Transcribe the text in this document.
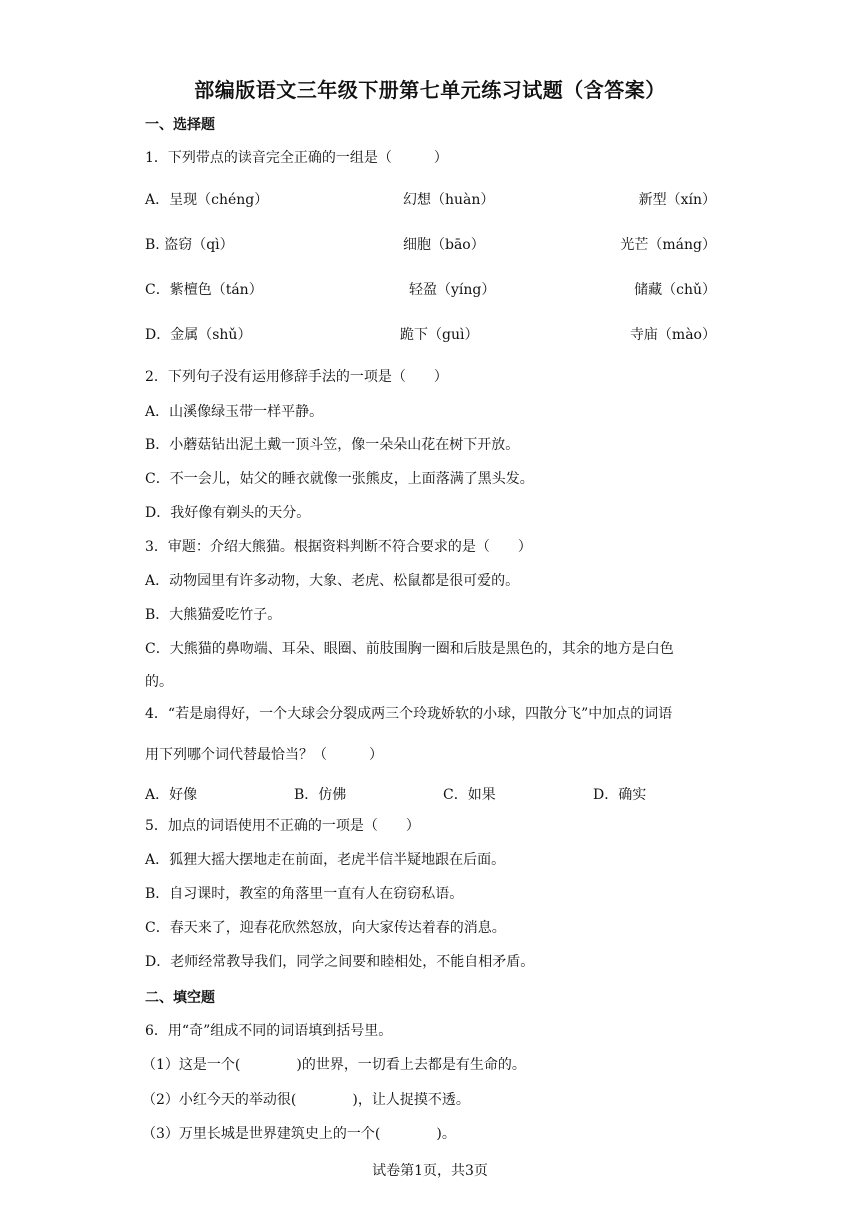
部编版语文三年级下册第七单元练习试题（含答案）
一、选择题
1．下列带点的读音完全正确的一组是（　　　）
A．呈现（chéng）	幻想（huàn）	新型（xín）
B. 盗窃（qì）	细胞（bāo）	光芒（máng）
C．紫檀色（tán）	轻盈（yíng）	储藏（chǔ）
D．金属（shǔ）	跪下（guì）	寺庙（mào）
2．下列句子没有运用修辞手法的一项是（　　）
A．山溪像绿玉带一样平静。
B．小蘑菇钻出泥土戴一顶斗笠，像一朵朵山花在树下开放。
C．不一会儿，姑父的睡衣就像一张熊皮，上面落满了黑头发。
D．我好像有剃头的天分。
3．审题：介绍大熊猫。根据资料判断不符合要求的是（　　）
A．动物园里有许多动物，大象、老虎、松鼠都是很可爱的。
B．大熊猫爱吃竹子。
C．大熊猫的鼻吻端、耳朵、眼圈、前肢围胸一圈和后肢是黑色的，其余的地方是白色
的。
4．“若是扇得好，一个大球会分裂成两三个玲珑娇软的小球，四散分飞”中加点的词语
用下列哪个词代替最恰当？（　　　）
A．好像	B．仿佛	C．如果	D．确实
5．加点的词语使用不正确的一项是（　　）
A．狐狸大摇大摆地走在前面，老虎半信半疑地跟在后面。
B．自习课时，教室的角落里一直有人在窃窃私语。
C．春天来了，迎春花欣然怒放，向大家传达着春的消息。
D．老师经常教导我们，同学之间要和睦相处，不能自相矛盾。
二、填空题
6．用“奇”组成不同的词语填到括号里。
（1）这是一个(　　　　)的世界，一切看上去都是有生命的。
（2）小红今天的举动很(　　　　)，让人捉摸不透。
（3）万里长城是世界建筑史上的一个(　　　　)。
试卷第1页，共3页
